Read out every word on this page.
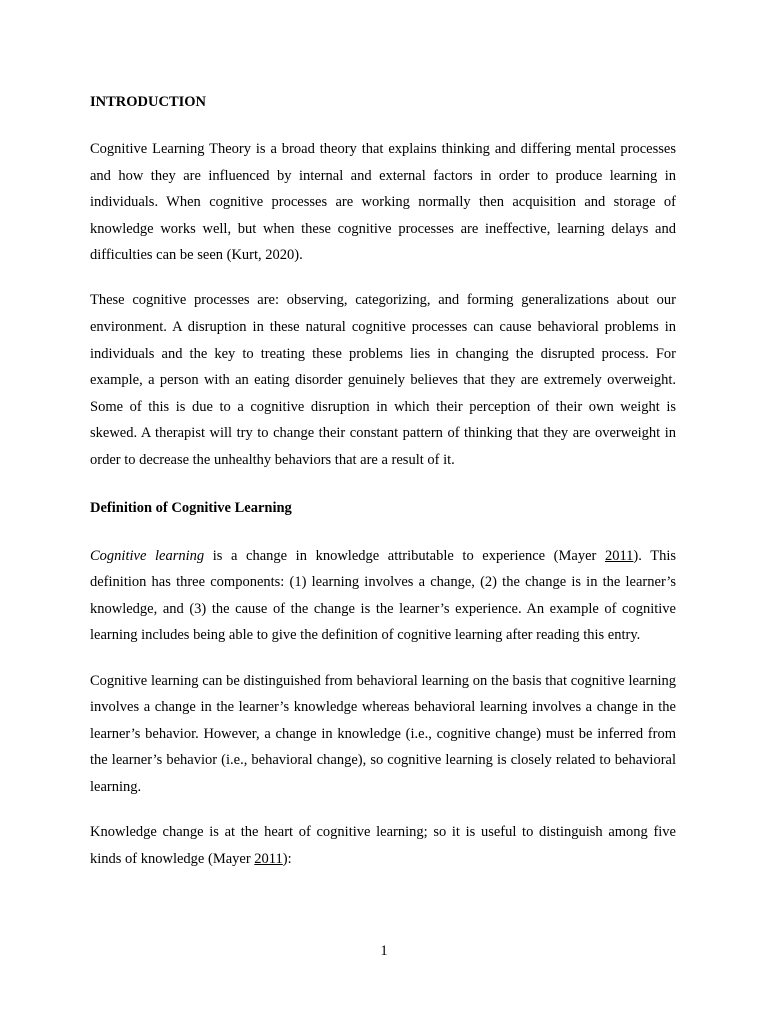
INTRODUCTION

Cognitive Learning Theory is a broad theory that explains thinking and differing mental processes and how they are influenced by internal and external factors in order to produce learning in individuals. When cognitive processes are working normally then acquisition and storage of knowledge works well, but when these cognitive processes are ineffective, learning delays and difficulties can be seen (Kurt, 2020).

These cognitive processes are: observing, categorizing, and forming generalizations about our environment. A disruption in these natural cognitive processes can cause behavioral problems in individuals and the key to treating these problems lies in changing the disrupted process. For example, a person with an eating disorder genuinely believes that they are extremely overweight. Some of this is due to a cognitive disruption in which their perception of their own weight is skewed. A therapist will try to change their constant pattern of thinking that they are overweight in order to decrease the unhealthy behaviors that are a result of it.

Definition of Cognitive Learning

Cognitive learning is a change in knowledge attributable to experience (Mayer 2011). This definition has three components: (1) learning involves a change, (2) the change is in the learner’s knowledge, and (3) the cause of the change is the learner’s experience. An example of cognitive learning includes being able to give the definition of cognitive learning after reading this entry.

Cognitive learning can be distinguished from behavioral learning on the basis that cognitive learning involves a change in the learner’s knowledge whereas behavioral learning involves a change in the learner’s behavior. However, a change in knowledge (i.e., cognitive change) must be inferred from the learner’s behavior (i.e., behavioral change), so cognitive learning is closely related to behavioral learning.

Knowledge change is at the heart of cognitive learning; so it is useful to distinguish among five kinds of knowledge (Mayer 2011):

1
